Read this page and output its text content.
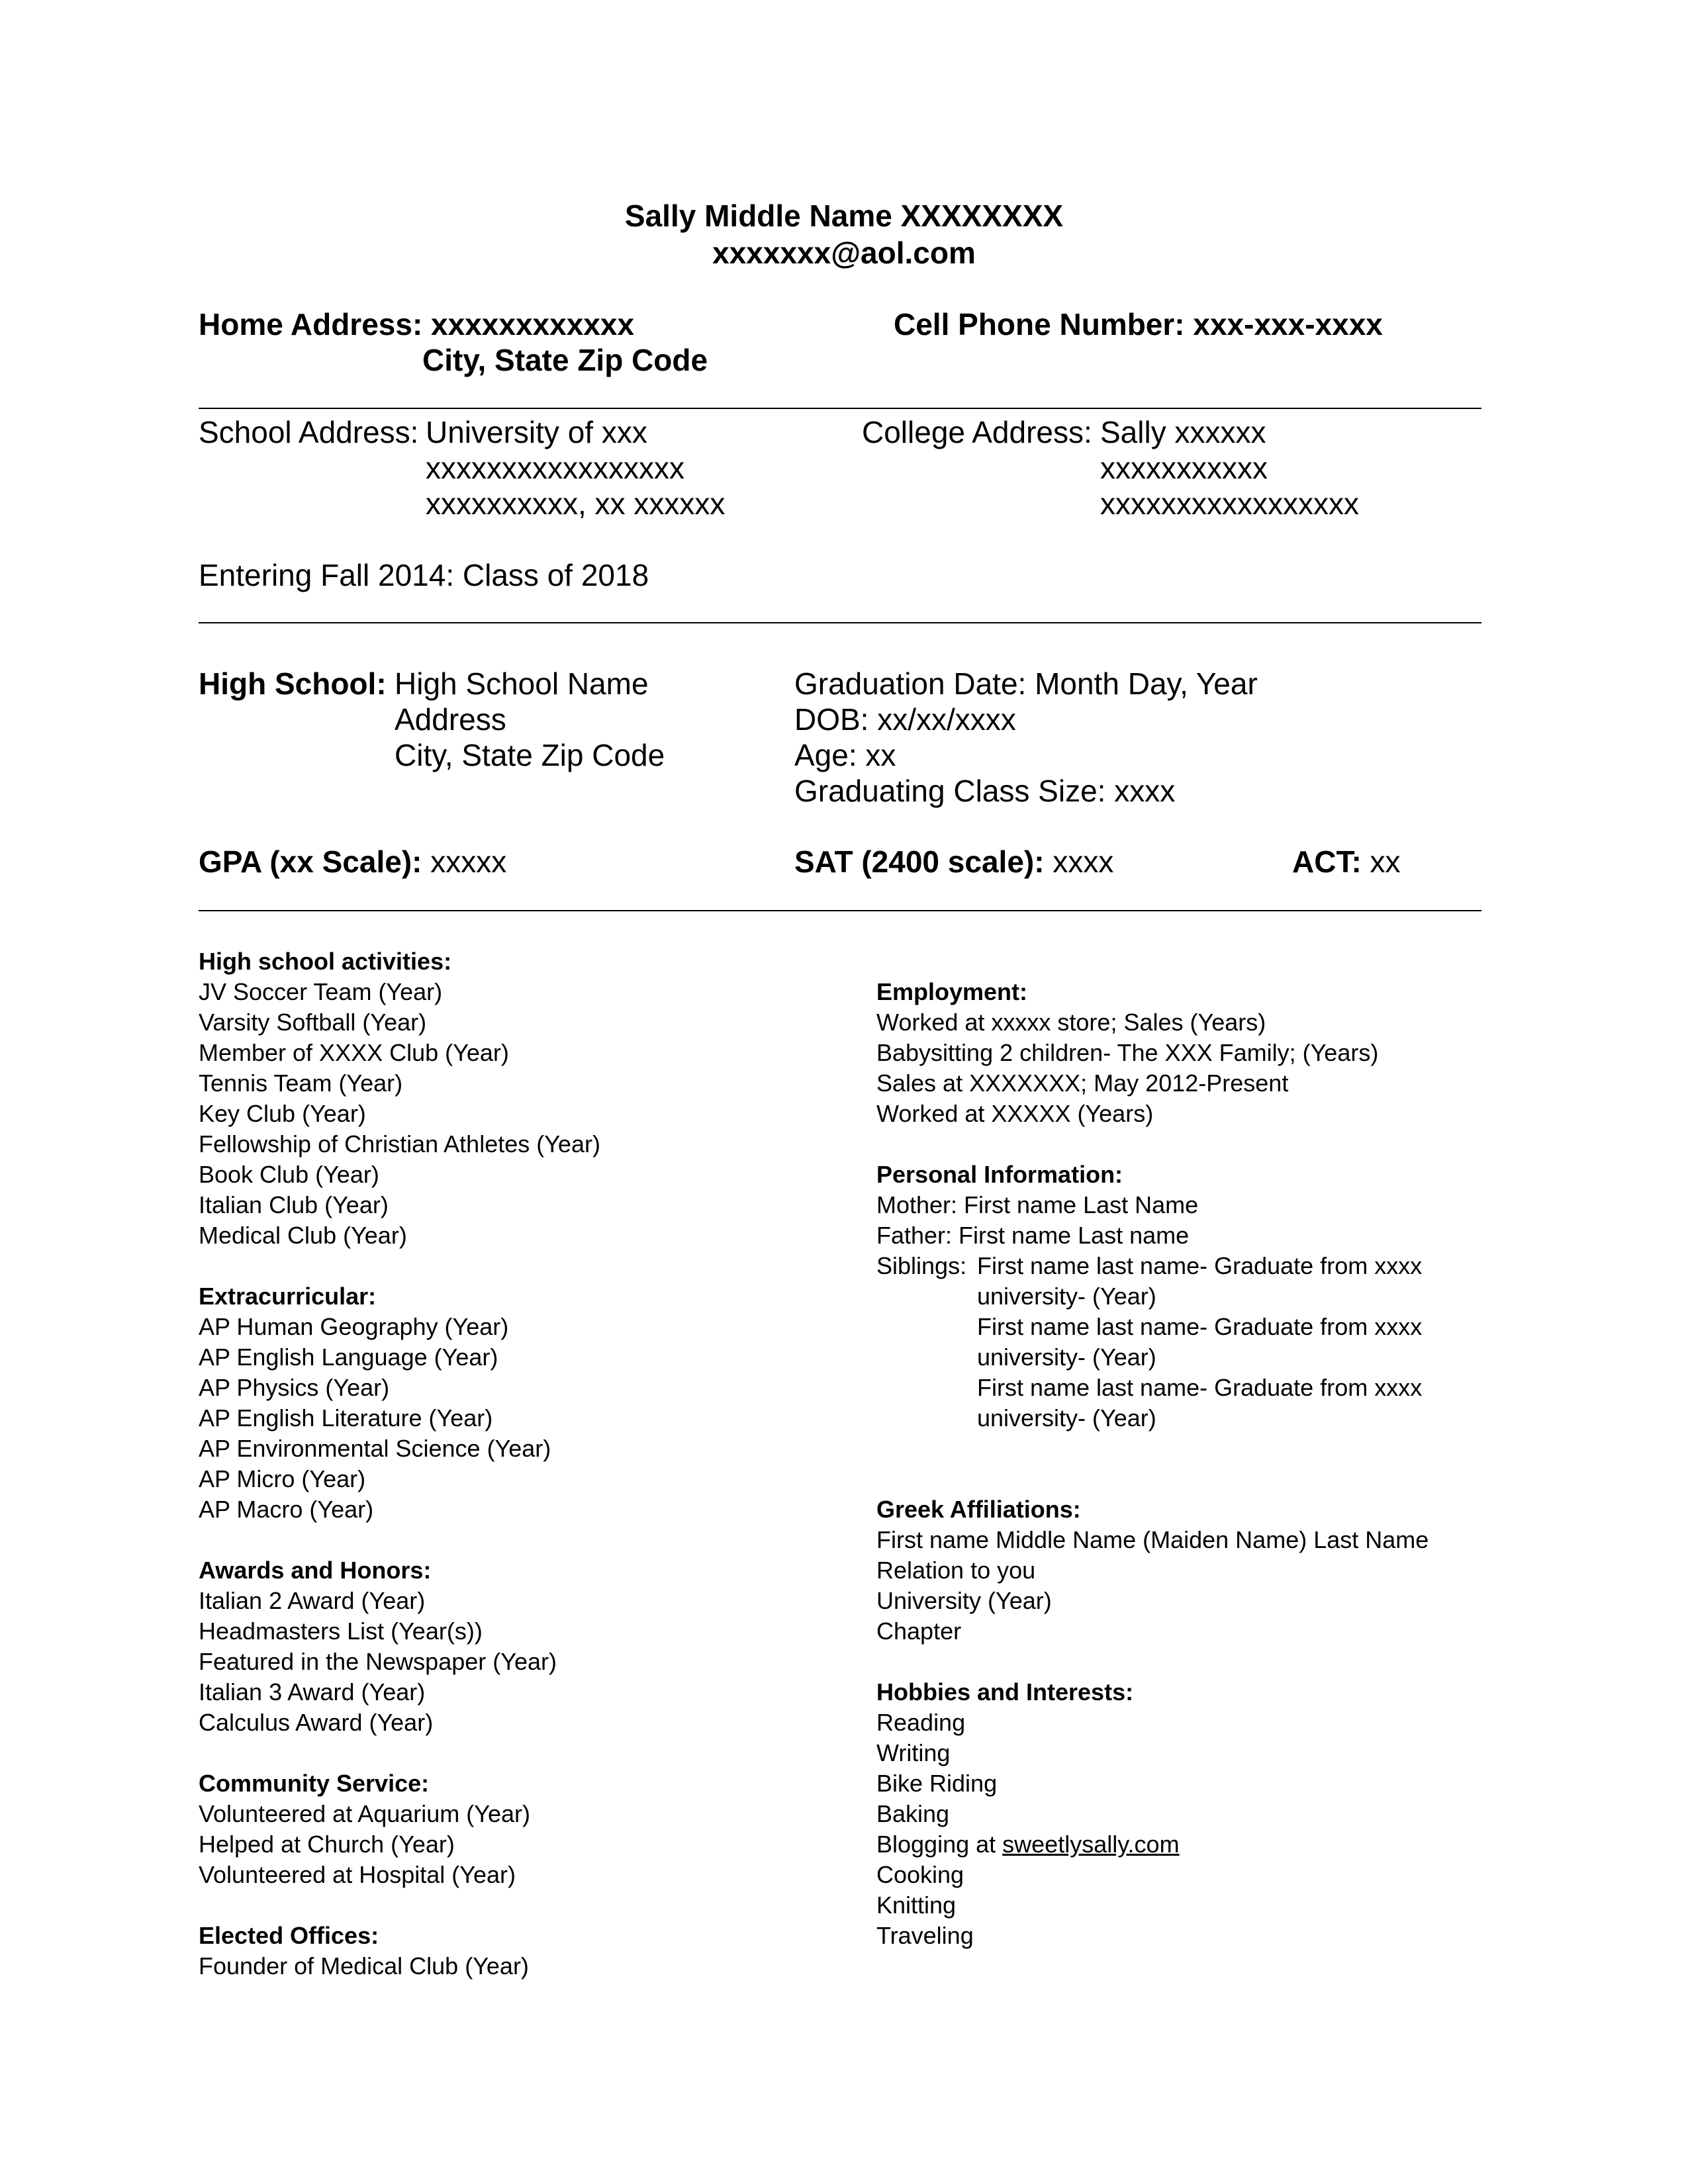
Sally Middle Name XXXXXXXX
xxxxxxx@aol.com
Home Address: xxxxxxxxxxxx
City, State Zip Code
Cell Phone Number: xxx-xxx-xxxx
School Address: University of xxx
xxxxxxxxxxxxxxxxx
xxxxxxxxxx, xx xxxxxx
College Address: Sally xxxxxx
xxxxxxxxxxx
xxxxxxxxxxxxxxxxx
Entering Fall 2014: Class of 2018
High School: High School Name
Address
City, State Zip Code
Graduation Date: Month Day, Year
DOB: xx/xx/xxxx
Age: xx
Graduating Class Size: xxxx
GPA (xx Scale): xxxxx	SAT (2400 scale): xxxx	ACT: xx
High school activities:
JV Soccer Team (Year)
Varsity Softball (Year)
Member of XXXX Club (Year)
Tennis Team (Year)
Key Club (Year)
Fellowship of Christian Athletes (Year)
Book Club (Year)
Italian Club (Year)
Medical Club (Year)
Extracurricular:
AP Human Geography (Year)
AP English Language (Year)
AP Physics (Year)
AP English Literature (Year)
AP Environmental Science (Year)
AP Micro (Year)
AP Macro (Year)
Awards and Honors:
Italian 2 Award (Year)
Headmasters List (Year(s))
Featured in the Newspaper (Year)
Italian 3 Award (Year)
Calculus Award (Year)
Community Service:
Volunteered at Aquarium (Year)
Helped at Church (Year)
Volunteered at Hospital (Year)
Elected Offices:
Founder of Medical Club (Year)
Employment:
Worked at xxxxx store; Sales (Years)
Babysitting 2 children- The XXX Family; (Years)
Sales at XXXXXXX; May 2012-Present
Worked at XXXXX (Years)
Personal Information:
Mother: First name Last Name
Father: First name Last name
Siblings: First name last name- Graduate from xxxx
university- (Year)
First name last name- Graduate from xxxx
university- (Year)
First name last name- Graduate from xxxx
university- (Year)
Greek Affiliations:
First name Middle Name (Maiden Name) Last Name
Relation to you
University (Year)
Chapter
Hobbies and Interests:
Reading
Writing
Bike Riding
Baking
Blogging at sweetlysally.com
Cooking
Knitting
Traveling
